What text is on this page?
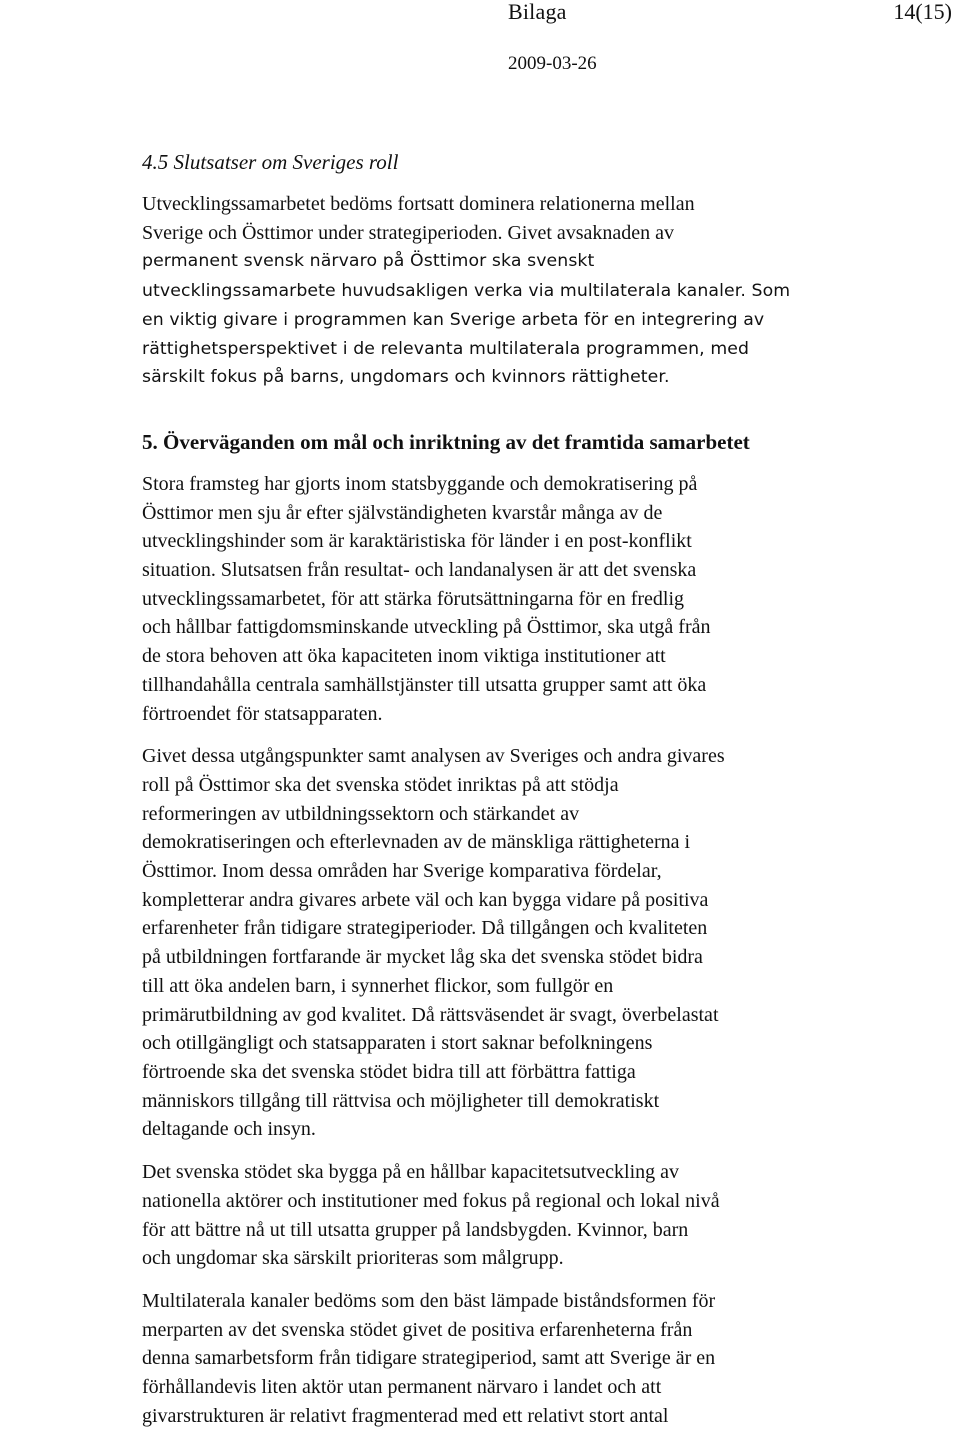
Bilaga	14(15)
2009-03-26
4.5 Slutsatser om Sveriges roll

Utvecklingssamarbetet bedöms fortsatt dominera relationerna mellan
Sverige och Östtimor under strategiperioden. Givet avsaknaden av
permanent svensk närvaro på Östtimor ska svenskt
utvecklingssamarbete huvudsakligen verka via multilaterala kanaler. Som
en viktig givare i programmen kan Sverige arbeta för en integrering av
rättighetsperspektivet i de relevanta multilaterala programmen, med
särskilt fokus på barns, ungdomars och kvinnors rättigheter.

5. Överväganden om mål och inriktning av det framtida samarbetet

Stora framsteg har gjorts inom statsbyggande och demokratisering på
Östtimor men sju år efter självständigheten kvarstår många av de
utvecklingshinder som är karaktäristiska för länder i en post-konflikt
situation. Slutsatsen från resultat- och landanalysen är att det svenska
utvecklingssamarbetet, för att stärka förutsättningarna för en fredlig
och hållbar fattigdomsminskande utveckling på Östtimor, ska utgå från
de stora behoven att öka kapaciteten inom viktiga institutioner att
tillhandahålla centrala samhällstjänster till utsatta grupper samt att öka
förtroendet för statsapparaten.

Givet dessa utgångspunkter samt analysen av Sveriges och andra givares
roll på Östtimor ska det svenska stödet inriktas på att stödja
reformeringen av utbildningssektorn och stärkandet av
demokratiseringen och efterlevnaden av de mänskliga rättigheterna i
Östtimor. Inom dessa områden har Sverige komparativa fördelar,
kompletterar andra givares arbete väl och kan bygga vidare på positiva
erfarenheter från tidigare strategiperioder. Då tillgången och kvaliteten
på utbildningen fortfarande är mycket låg ska det svenska stödet bidra
till att öka andelen barn, i synnerhet flickor, som fullgör en
primärutbildning av god kvalitet. Då rättsväsendet är svagt, överbelastat
och otillgängligt och statsapparaten i stort saknar befolkningens
förtroende ska det svenska stödet bidra till att förbättra fattiga
människors tillgång till rättvisa och möjligheter till demokratiskt
deltagande och insyn.

Det svenska stödet ska bygga på en hållbar kapacitetsutveckling av
nationella aktörer och institutioner med fokus på regional och lokal nivå
för att bättre nå ut till utsatta grupper på landsbygden. Kvinnor, barn
och ungdomar ska särskilt prioriteras som målgrupp.

Multilaterala kanaler bedöms som den bäst lämpade biståndsformen för
merparten av det svenska stödet givet de positiva erfarenheterna från
denna samarbetsform från tidigare strategiperiod, samt att Sverige är en
förhållandevis liten aktör utan permanent närvaro i landet och att
givarstrukturen är relativt fragmenterad med ett relativt stort antal
